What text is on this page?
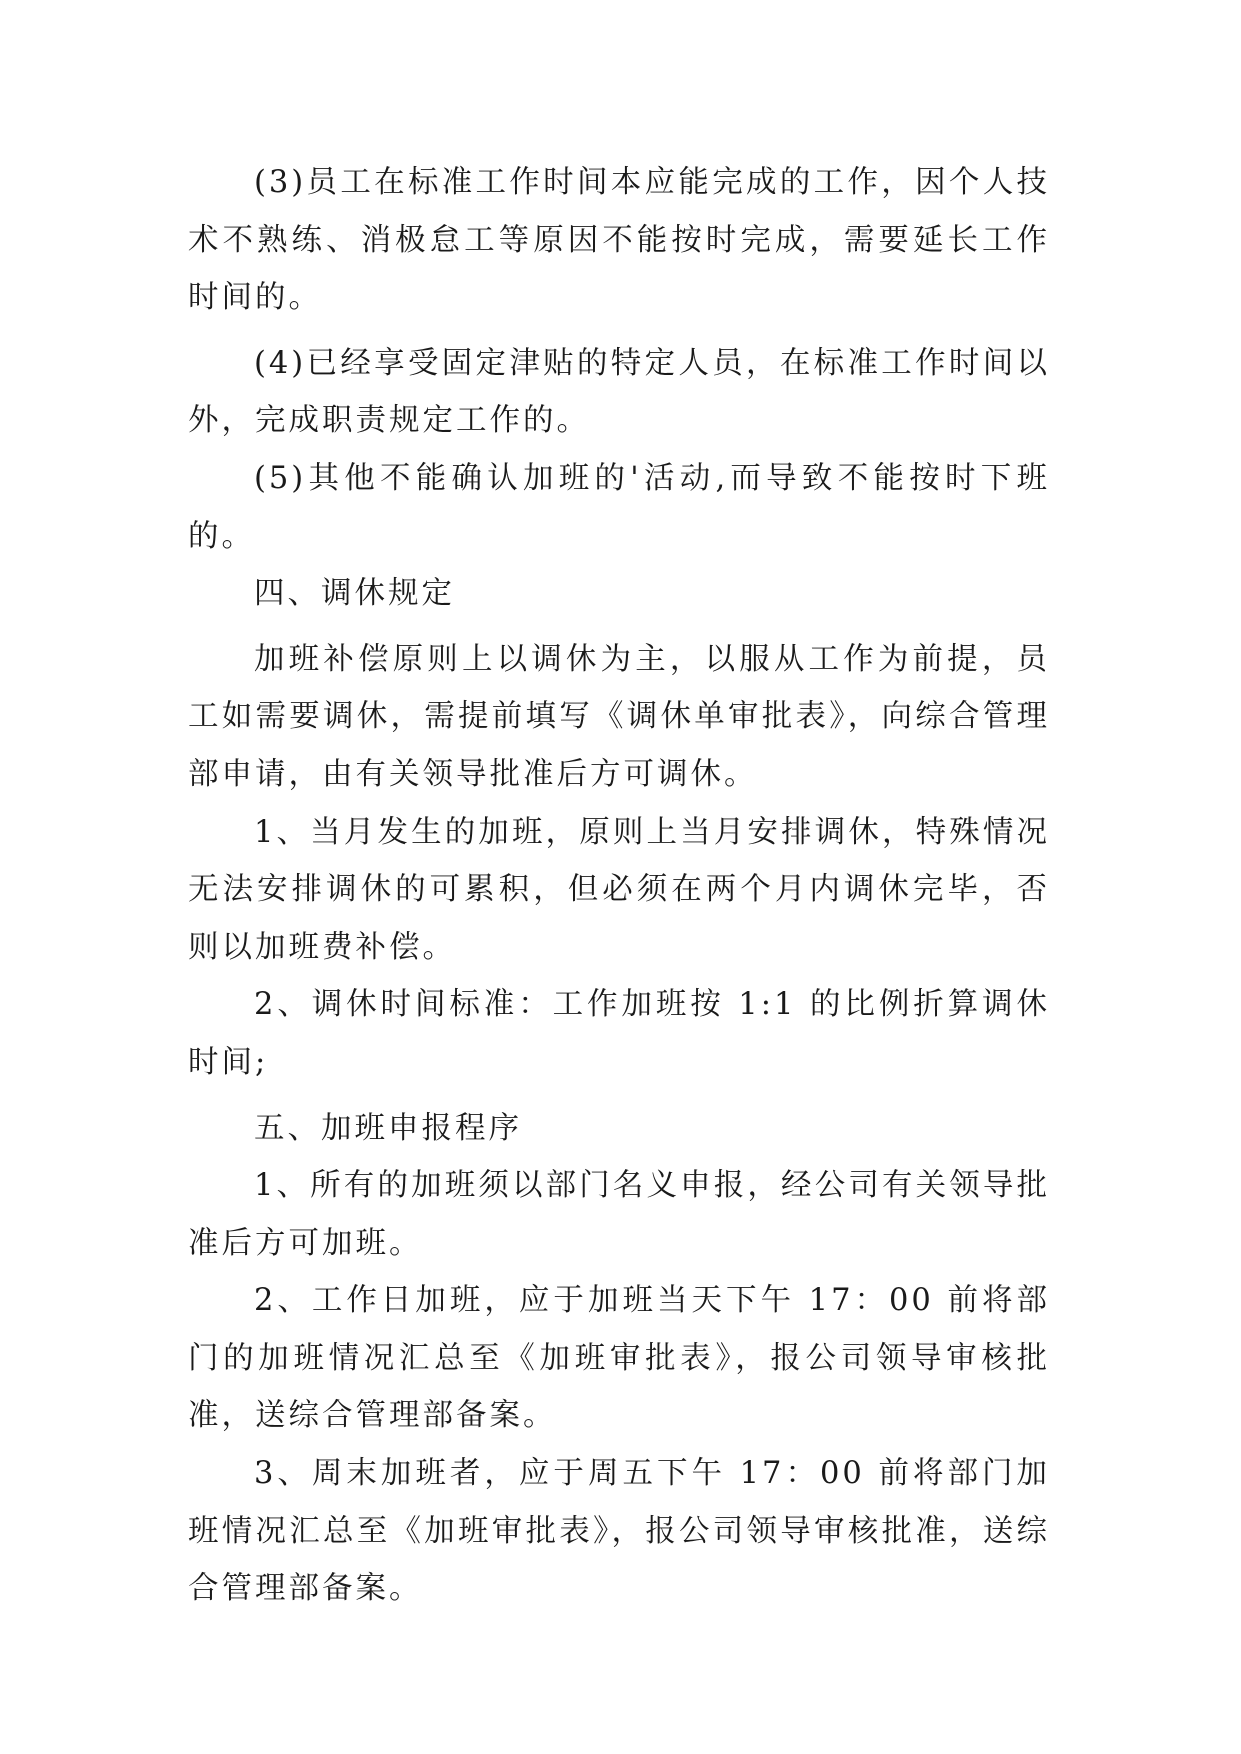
(3)员工在标准工作时间本应能完成的工作，因个人技术不熟练、消极怠工等原因不能按时完成，需要延长工作时间的。

(4)已经享受固定津贴的特定人员，在标准工作时间以外，完成职责规定工作的。

(5)其他不能确认加班的'活动,而导致不能按时下班的。

四、调休规定

加班补偿原则上以调休为主，以服从工作为前提，员工如需要调休，需提前填写《调休单审批表》，向综合管理部申请，由有关领导批准后方可调休。

1、当月发生的加班，原则上当月安排调休，特殊情况无法安排调休的可累积，但必须在两个月内调休完毕，否则以加班费补偿。

2、调休时间标准：工作加班按 1:1 的比例折算调休时间;

五、加班申报程序

1、所有的加班须以部门名义申报，经公司有关领导批准后方可加班。

2、工作日加班，应于加班当天下午 17：00 前将部门的加班情况汇总至《加班审批表》，报公司领导审核批准，送综合管理部备案。

3、周末加班者，应于周五下午 17：00 前将部门加班情况汇总至《加班审批表》，报公司领导审核批准，送综合管理部备案。
